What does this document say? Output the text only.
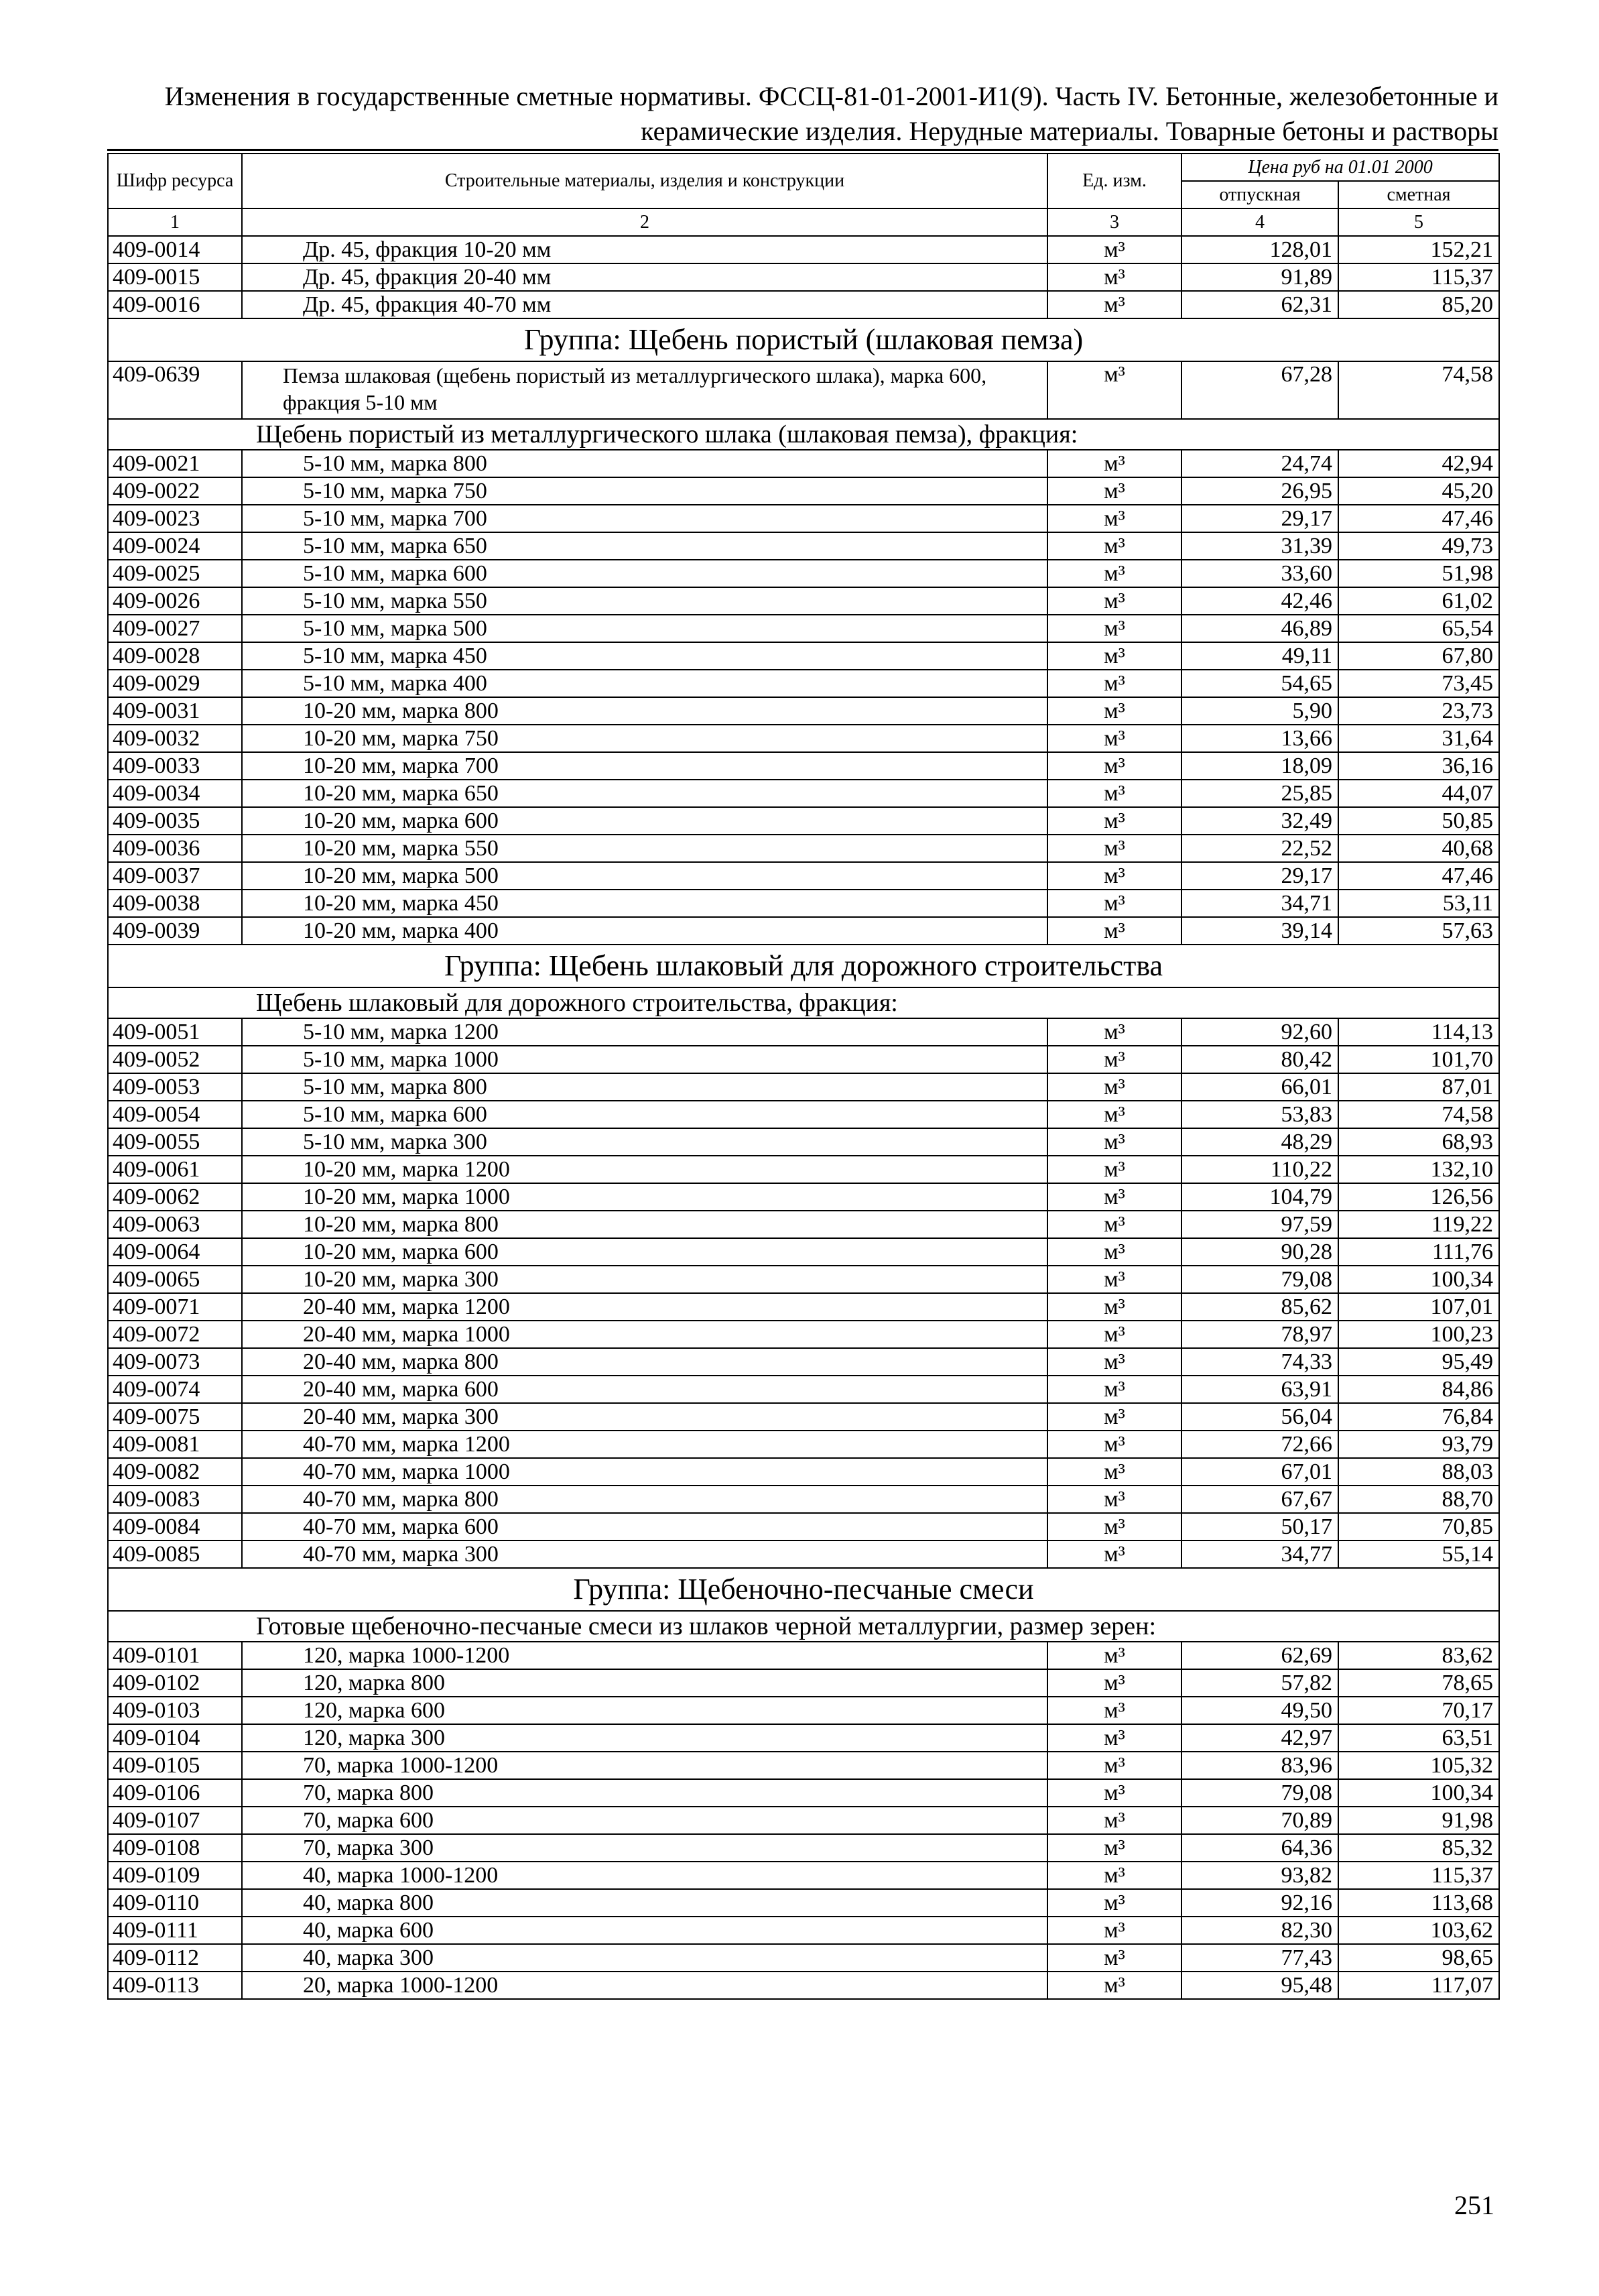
Изменения в государственные сметные нормативы. ФССЦ-81-01-2001-И1(9). Часть IV. Бетонные, железобетонные и
керамические изделия. Нерудные материалы. Товарные бетоны и растворы
Шифр ресурса	Строительные материалы, изделия и конструкции	Ед. изм.	Цена руб на 01.01 2000	
			отпускная	сметная
1	2	3	4	5
409-0014	Др. 45, фракция 10-20 мм	м³	128,01	152,21
409-0015	Др. 45, фракция 20-40 мм	м³	91,89	115,37
409-0016	Др. 45, фракция 40-70 мм	м³	62,31	85,20
Группа: Щебень пористый (шлаковая пемза)				
409-0639	Пемза шлаковая (щебень пористый из металлургического шлака), марка 600, фракция 5-10 мм	м³	67,28	74,58
Щебень пористый из металлургического шлака (шлаковая пемза), фракция:				
409-0021	5-10 мм, марка 800	м³	24,74	42,94
409-0022	5-10 мм, марка 750	м³	26,95	45,20
409-0023	5-10 мм, марка 700	м³	29,17	47,46
409-0024	5-10 мм, марка 650	м³	31,39	49,73
409-0025	5-10 мм, марка 600	м³	33,60	51,98
409-0026	5-10 мм, марка 550	м³	42,46	61,02
409-0027	5-10 мм, марка 500	м³	46,89	65,54
409-0028	5-10 мм, марка 450	м³	49,11	67,80
409-0029	5-10 мм, марка 400	м³	54,65	73,45
409-0031	10-20 мм, марка 800	м³	5,90	23,73
409-0032	10-20 мм, марка 750	м³	13,66	31,64
409-0033	10-20 мм, марка 700	м³	18,09	36,16
409-0034	10-20 мм, марка 650	м³	25,85	44,07
409-0035	10-20 мм, марка 600	м³	32,49	50,85
409-0036	10-20 мм, марка 550	м³	22,52	40,68
409-0037	10-20 мм, марка 500	м³	29,17	47,46
409-0038	10-20 мм, марка 450	м³	34,71	53,11
409-0039	10-20 мм, марка 400	м³	39,14	57,63
Группа: Щебень шлаковый для дорожного строительства				
Щебень шлаковый для дорожного строительства, фракция:				
409-0051	5-10 мм, марка 1200	м³	92,60	114,13
409-0052	5-10 мм, марка 1000	м³	80,42	101,70
409-0053	5-10 мм, марка 800	м³	66,01	87,01
409-0054	5-10 мм, марка 600	м³	53,83	74,58
409-0055	5-10 мм, марка 300	м³	48,29	68,93
409-0061	10-20 мм, марка 1200	м³	110,22	132,10
409-0062	10-20 мм, марка 1000	м³	104,79	126,56
409-0063	10-20 мм, марка 800	м³	97,59	119,22
409-0064	10-20 мм, марка 600	м³	90,28	111,76
409-0065	10-20 мм, марка 300	м³	79,08	100,34
409-0071	20-40 мм, марка 1200	м³	85,62	107,01
409-0072	20-40 мм, марка 1000	м³	78,97	100,23
409-0073	20-40 мм, марка 800	м³	74,33	95,49
409-0074	20-40 мм, марка 600	м³	63,91	84,86
409-0075	20-40 мм, марка 300	м³	56,04	76,84
409-0081	40-70 мм, марка 1200	м³	72,66	93,79
409-0082	40-70 мм, марка 1000	м³	67,01	88,03
409-0083	40-70 мм, марка 800	м³	67,67	88,70
409-0084	40-70 мм, марка 600	м³	50,17	70,85
409-0085	40-70 мм, марка 300	м³	34,77	55,14
Группа: Щебеночно-песчаные смеси				
Готовые щебеночно-песчаные смеси из шлаков черной металлургии, размер зерен:				
409-0101	120, марка 1000-1200	м³	62,69	83,62
409-0102	120, марка 800	м³	57,82	78,65
409-0103	120, марка 600	м³	49,50	70,17
409-0104	120, марка 300	м³	42,97	63,51
409-0105	70, марка 1000-1200	м³	83,96	105,32
409-0106	70, марка 800	м³	79,08	100,34
409-0107	70, марка 600	м³	70,89	91,98
409-0108	70, марка 300	м³	64,36	85,32
409-0109	40, марка 1000-1200	м³	93,82	115,37
409-0110	40, марка 800	м³	92,16	113,68
409-0111	40, марка 600	м³	82,30	103,62
409-0112	40, марка 300	м³	77,43	98,65
409-0113	20, марка 1000-1200	м³	95,48	117,07
251
